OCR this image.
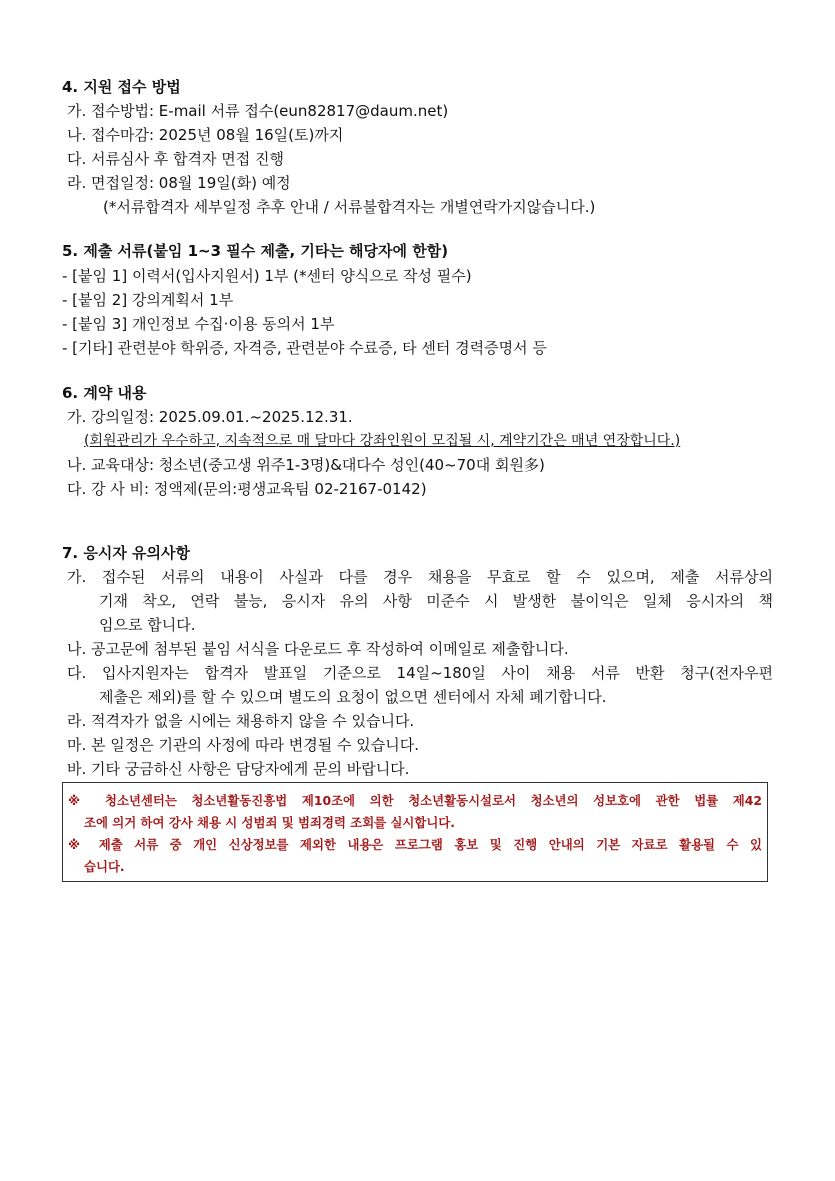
4. 지원 접수 방법
가. 접수방법: E-mail 서류 접수(eun82817@daum.net)
나. 접수마감: 2025년 08월 16일(토)까지
다. 서류심사 후 합격자 면접 진행
라. 면접일정: 08월 19일(화) 예정
(*서류합격자 세부일정 추후 안내 / 서류불합격자는 개별연락가지않습니다.)
5. 제출 서류(붙임 1~3 필수 제출, 기타는 해당자에 한함)
- [붙임 1] 이력서(입사지원서) 1부 (*센터 양식으로 작성 필수)
- [붙임 2] 강의계획서 1부
- [붙임 3] 개인정보 수집·이용 동의서 1부
- [기타] 관련분야 학위증, 자격증, 관련분야 수료증, 타 센터 경력증명서 등
6. 계약 내용
가. 강의일정: 2025.09.01.~2025.12.31.
(회원관리가 우수하고, 지속적으로 매 달마다 강좌인원이 모집될 시, 계약기간은 매년 연장합니다.)
나. 교육대상: 청소년(중고생 위주1-3명)&대다수 성인(40~70대 회원多)
다. 강 사 비: 정액제(문의:평생교육팀 02-2167-0142)
7. 응시자 유의사항
가. 접수된 서류의 내용이 사실과 다를 경우 채용을 무효로 할 수 있으며, 제출 서류상의
기재 착오, 연락 불능, 응시자 유의 사항 미준수 시 발생한 불이익은 일체 응시자의 책
임으로 합니다.
나. 공고문에 첨부된 붙임 서식을 다운로드 후 작성하여 이메일로 제출합니다.
다. 입사지원자는 합격자 발표일 기준으로 14일~180일 사이 채용 서류 반환 청구(전자우편
제출은 제외)를 할 수 있으며 별도의 요청이 없으면 센터에서 자체 폐기합니다.
라. 적격자가 없을 시에는 채용하지 않을 수 있습니다.
마. 본 일정은 기관의 사정에 따라 변경될 수 있습니다.
바. 기타 궁금하신 사항은 담당자에게 문의 바랍니다.
※ 청소년센터는 청소년활동진흥법 제10조에 의한 청소년활동시설로서 청소년의 성보호에 관한 법률 제42
조에 의거 하여 강사 채용 시 성범죄 및 범죄경력 조회를 실시합니다.
※ 제출 서류 중 개인 신상정보를 제외한 내용은 프로그램 홍보 및 진행 안내의 기본 자료로 활용될 수 있
습니다.
